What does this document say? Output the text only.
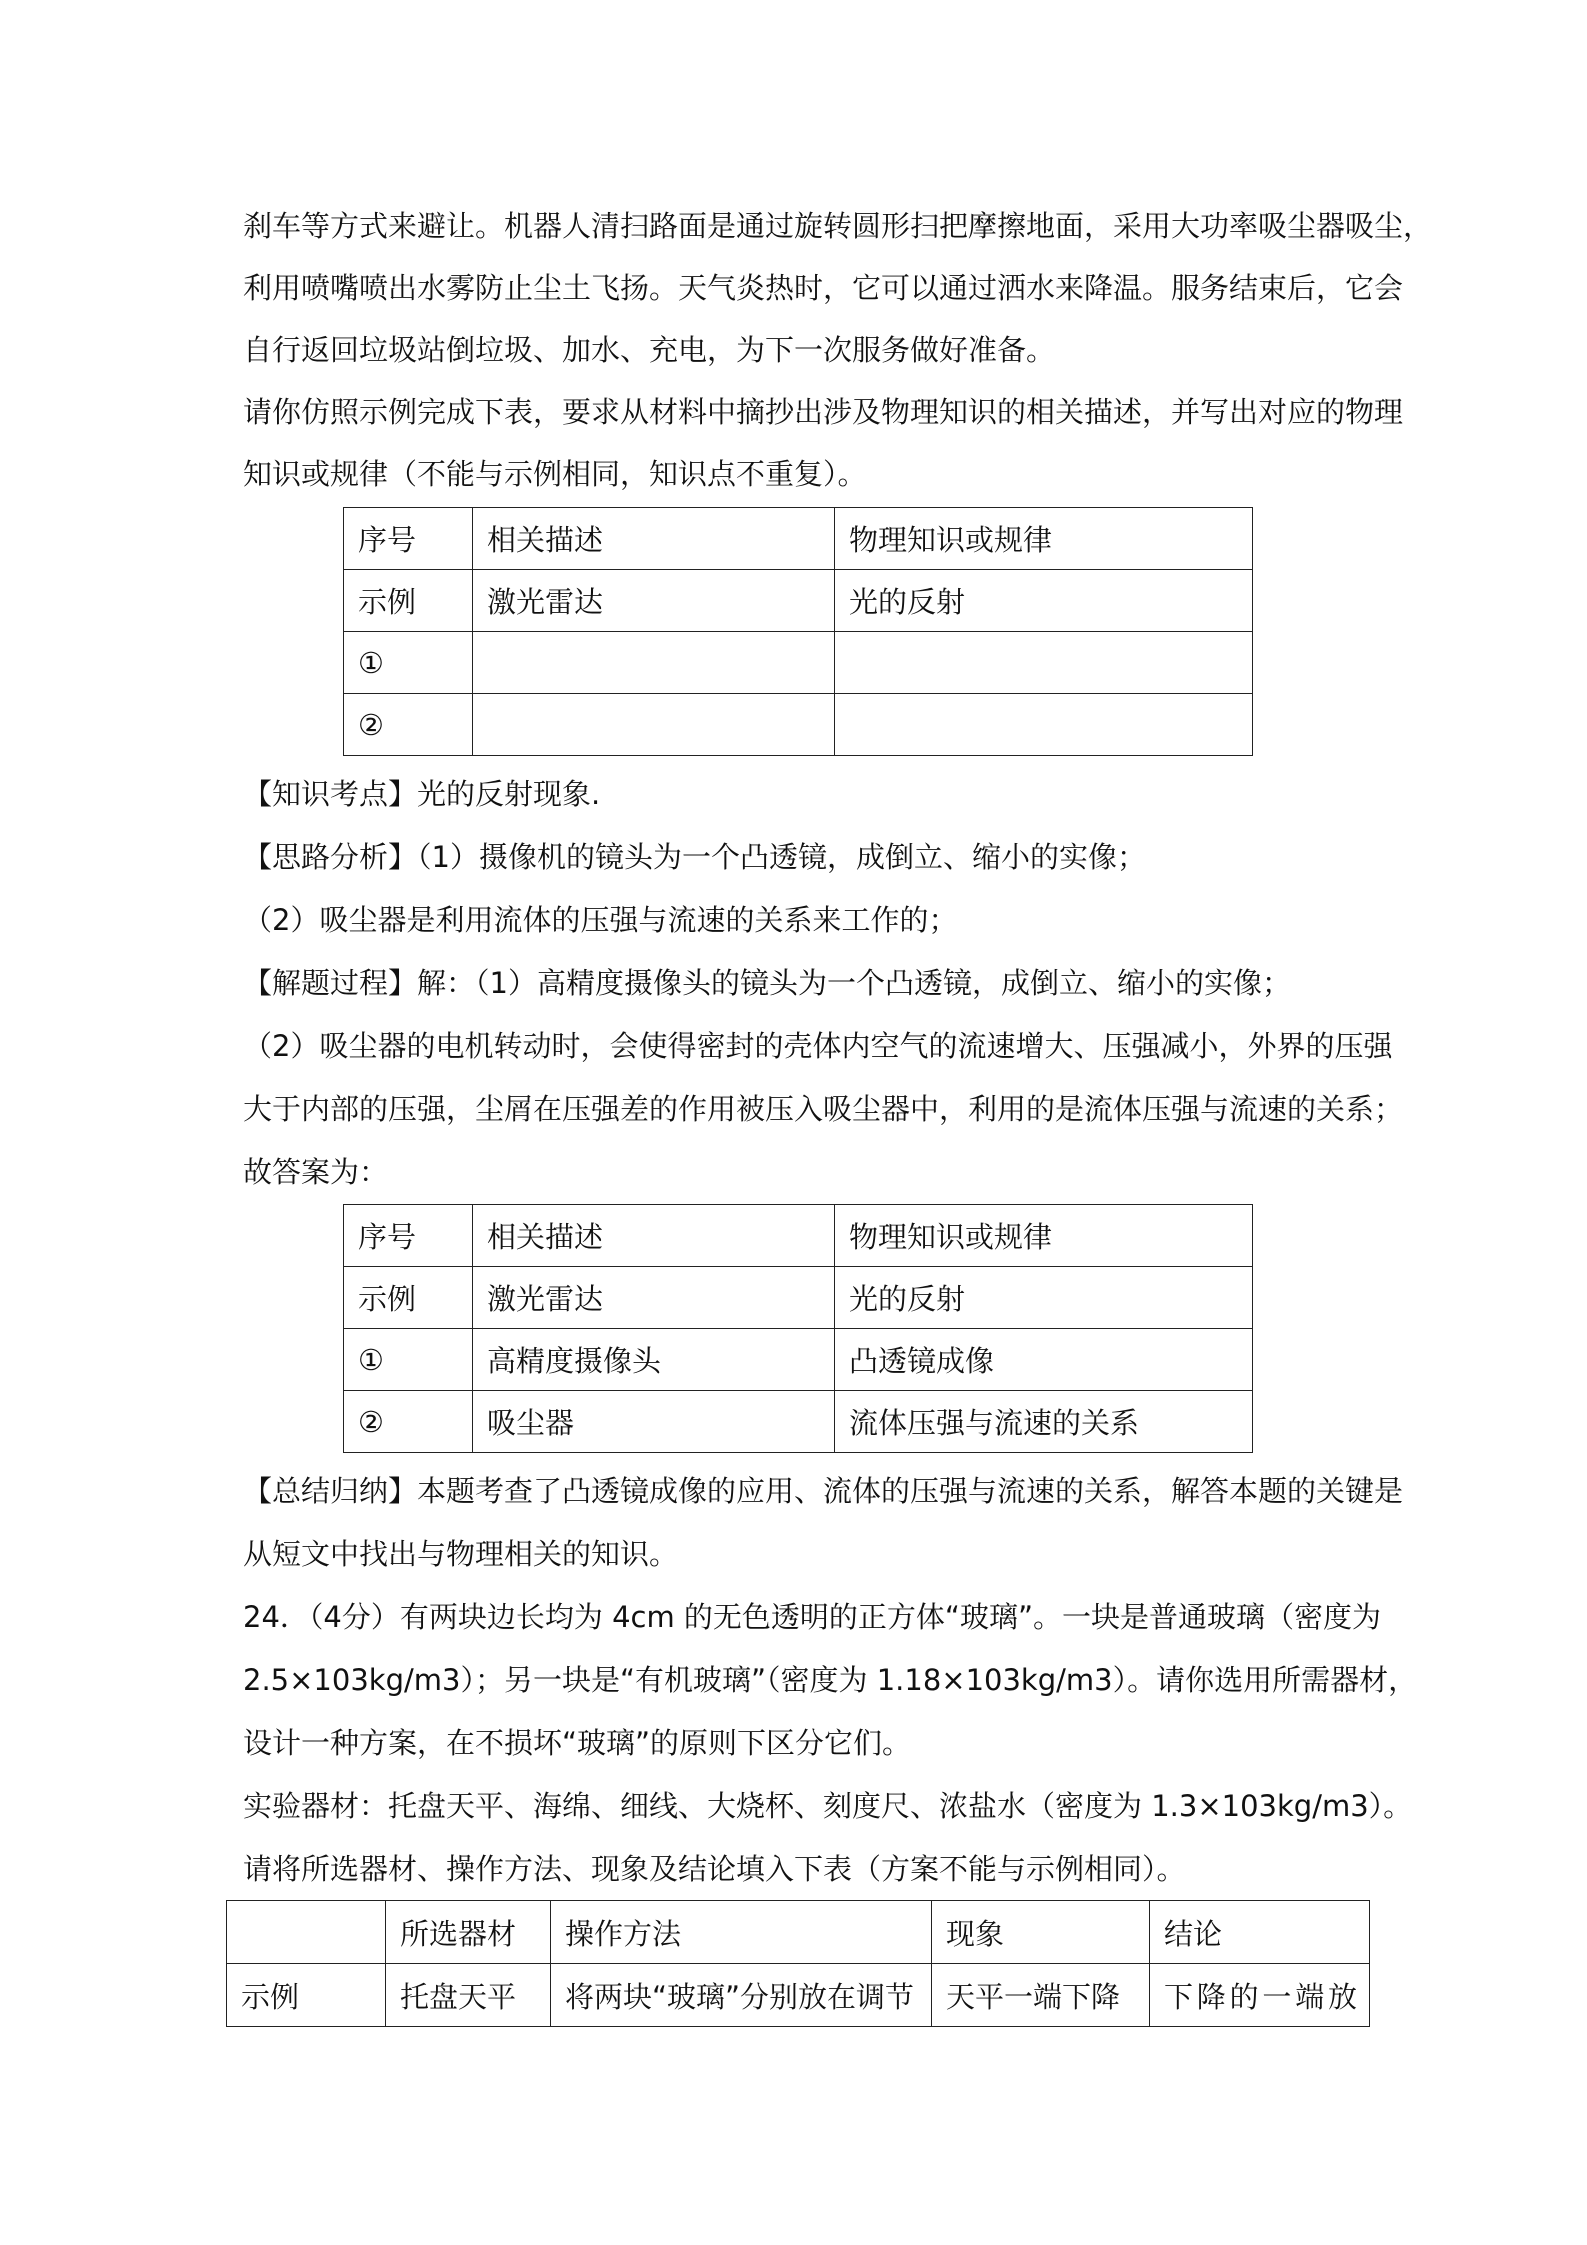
刹车等方式来避让。机器人清扫路面是通过旋转圆形扫把摩擦地面，采用大功率吸尘器吸尘，
利用喷嘴喷出水雾防止尘土飞扬。天气炎热时，它可以通过洒水来降温。服务结束后，它会
自行返回垃圾站倒垃圾、加水、充电，为下一次服务做好准备。
请你仿照示例完成下表，要求从材料中摘抄出涉及物理知识的相关描述，并写出对应的物理
知识或规律（不能与示例相同，知识点不重复）。
序号	相关描述	物理知识或规律
示例	激光雷达	光的反射
①		
②		
【知识考点】光的反射现象.
【思路分析】（1）摄像机的镜头为一个凸透镜，成倒立、缩小的实像；
（2）吸尘器是利用流体的压强与流速的关系来工作的；
【解题过程】解：（1）高精度摄像头的镜头为一个凸透镜，成倒立、缩小的实像；
（2）吸尘器的电机转动时，会使得密封的壳体内空气的流速增大、压强减小，外界的压强
大于内部的压强，尘屑在压强差的作用被压入吸尘器中，利用的是流体压强与流速的关系；
故答案为：
序号	相关描述	物理知识或规律
示例	激光雷达	光的反射
①	高精度摄像头	凸透镜成像
②	吸尘器	流体压强与流速的关系
【总结归纳】本题考查了凸透镜成像的应用、流体的压强与流速的关系，解答本题的关键是
从短文中找出与物理相关的知识。
24．（4分）有两块边长均为 4cm 的无色透明的正方体“玻璃”。一块是普通玻璃（密度为
2.5×103kg/m3）；另一块是“有机玻璃”（密度为 1.18×103kg/m3）。请你选用所需器材，
设计一种方案，在不损坏“玻璃”的原则下区分它们。
实验器材：托盘天平、海绵、细线、大烧杯、刻度尺、浓盐水（密度为 1.3×103kg/m3）。
请将所选器材、操作方法、现象及结论填入下表（方案不能与示例相同）。
	所选器材	操作方法	现象	结论
示例	托盘天平	将两块“玻璃”分别放在调节	天平一端下降	下降的一端放
